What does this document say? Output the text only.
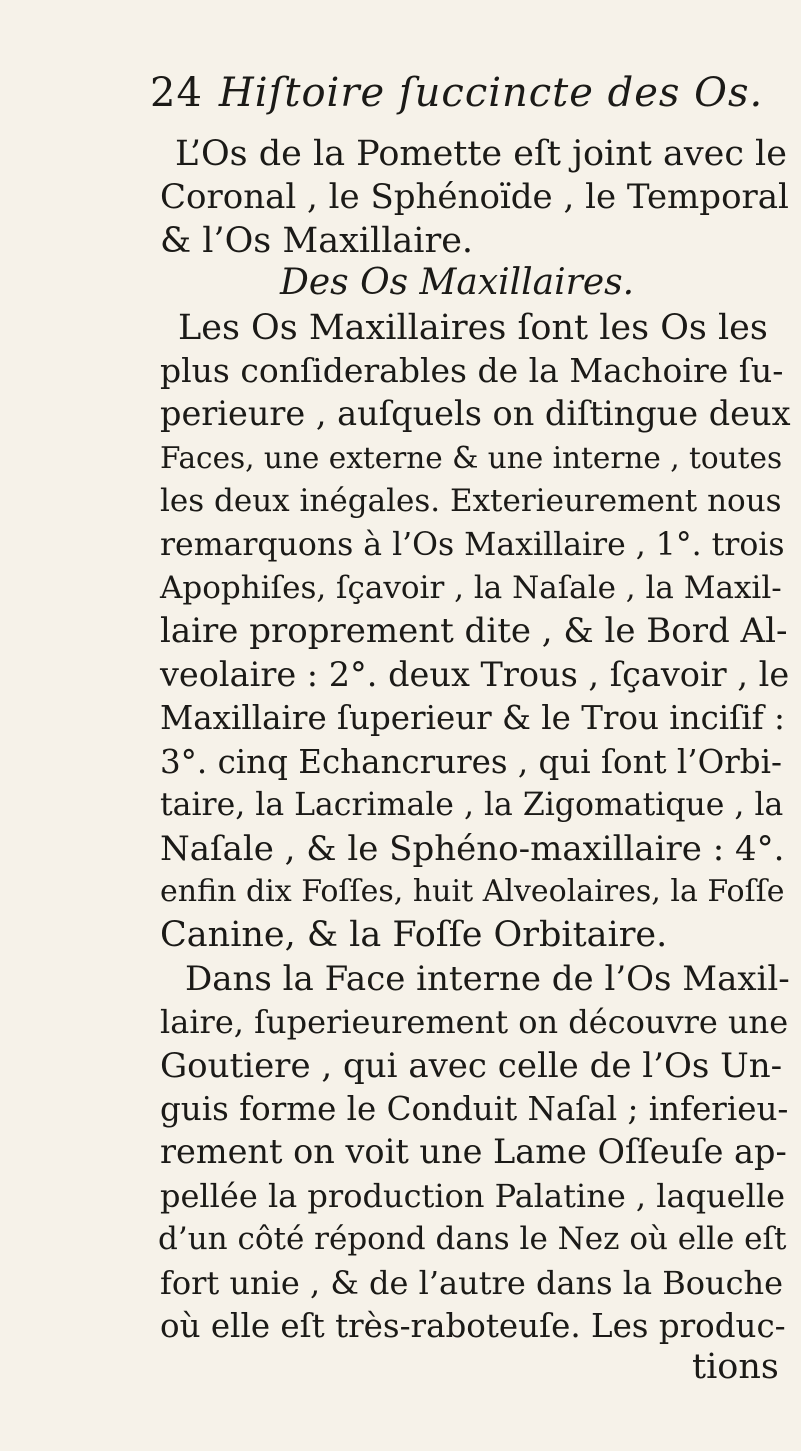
24 Hiſtoire ſuccincte des Os.
L’Os de la Pomette eſt joint avec le
Coronal , le Sphénoïde , le Temporal
& l’Os Maxillaire.
Des Os Maxillaires.
Les Os Maxillaires ſont les Os les
plus conſiderables de la Machoire ſu-
perieure , auſquels on diſtingue deux
Faces, une externe & une interne , toutes
les deux inégales. Exterieurement nous
remarquons à l’Os Maxillaire , 1°. trois
Apophiſes, ſçavoir , la Naſale , la Maxil-
laire proprement dite , & le Bord Al-
veolaire : 2°. deux Trous , ſçavoir , le
Maxillaire ſuperieur & le Trou inciſif :
3°. cinq Echancrures , qui ſont l’Orbi-
taire, la Lacrimale , la Zigomatique , la
Naſale , & le Sphéno-maxillaire : 4°.
enfin dix Foſſes, huit Alveolaires, la Foſſe
Canine, & la Foſſe Orbitaire.
Dans la Face interne de l’Os Maxil-
laire, ſuperieurement on découvre une
Goutiere , qui avec celle de l’Os Un-
guis forme le Conduit Naſal ; inferieu-
rement on voit une Lame Oſſeuſe ap-
pellée la production Palatine , laquelle
d’un côté répond dans le Nez où elle eſt
fort unie , & de l’autre dans la Bouche
où elle eſt très-raboteuſe. Les produc-
tions
